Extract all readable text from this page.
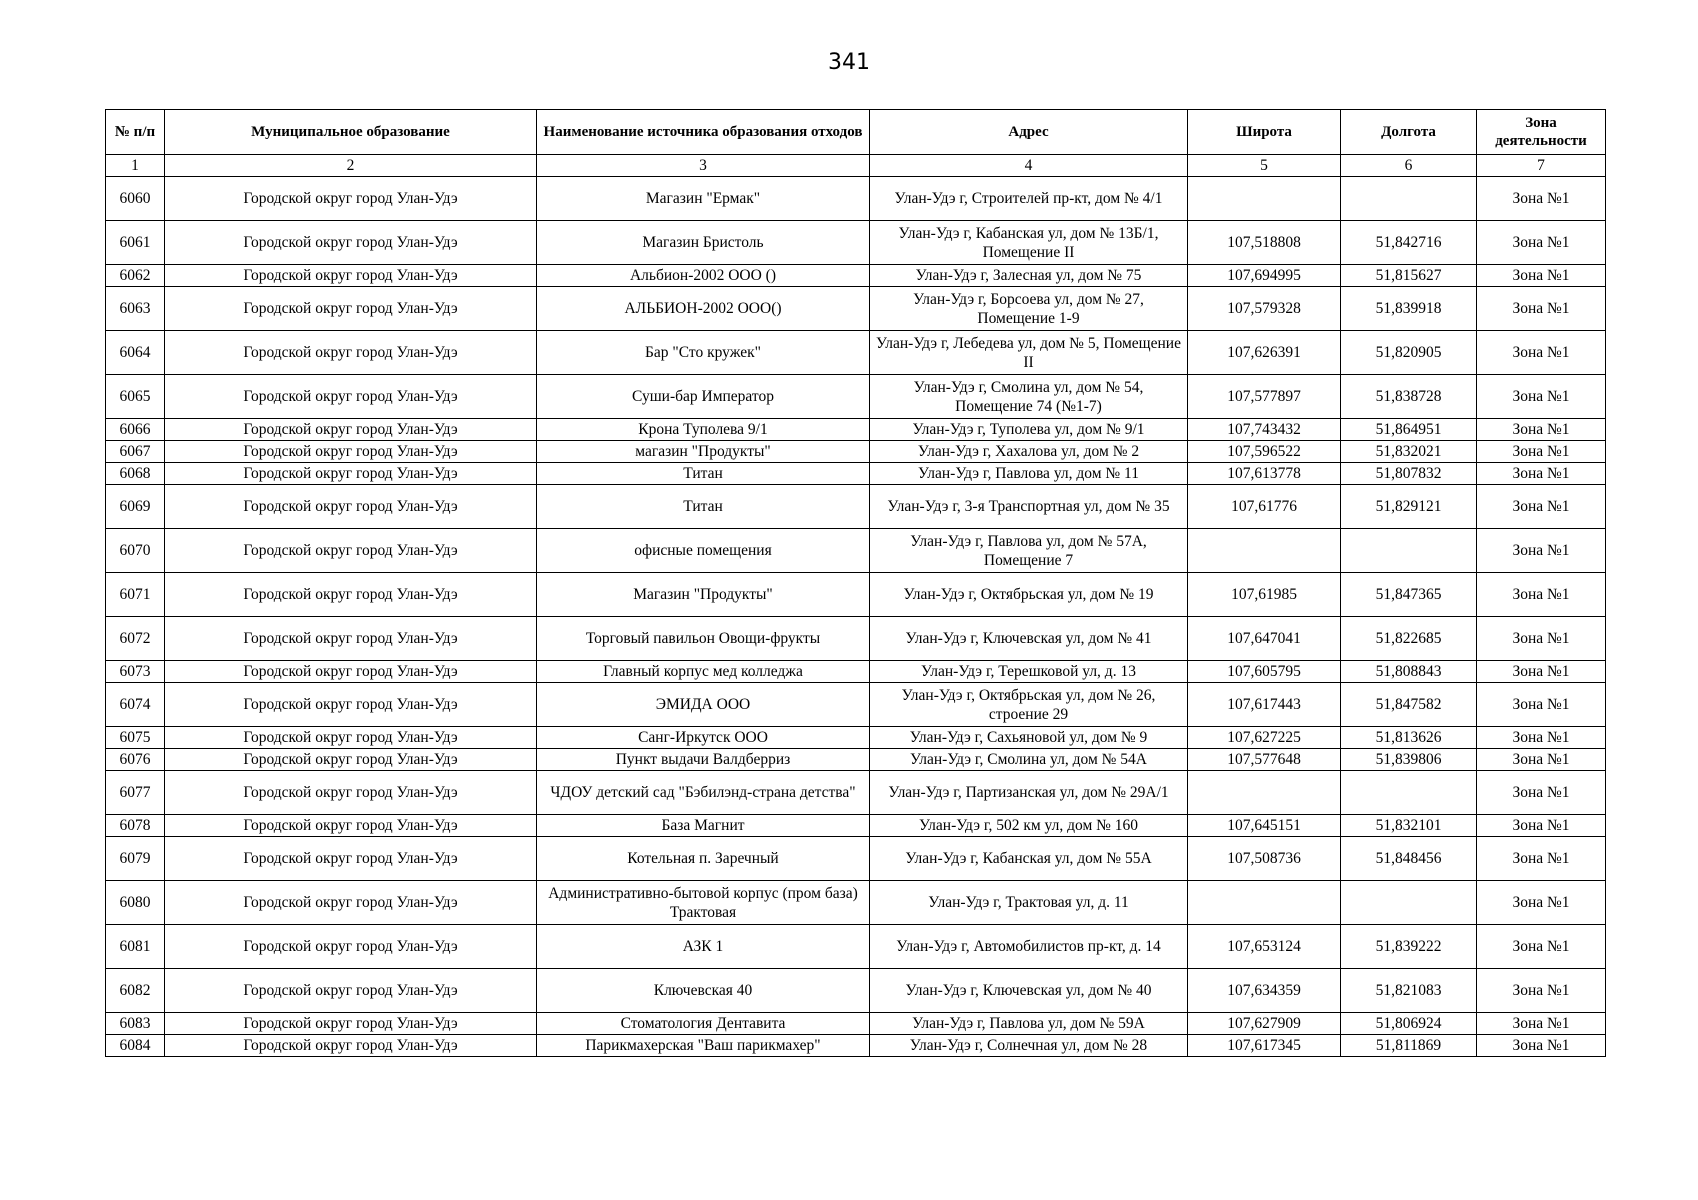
341
№ п/п	Муниципальное образование	Наименование источника образования отходов	Адрес	Широта	Долгота	Зона деятельности
1	2	3	4	5	6	7
6060	Городской округ город Улан-Удэ	Магазин "Ермак"	Улан-Удэ г, Строителей пр-кт, дом № 4/1			Зона №1
6061	Городской округ город Улан-Удэ	Магазин Бристоль	Улан-Удэ г, Кабанская ул, дом № 13Б/1, Помещение II	107,518808	51,842716	Зона №1
6062	Городской округ город Улан-Удэ	Альбион-2002 ООО ()	Улан-Удэ г, Залесная ул, дом № 75	107,694995	51,815627	Зона №1
6063	Городской округ город Улан-Удэ	АЛЬБИОН-2002 ООО()	Улан-Удэ г, Борсоева ул, дом № 27, Помещение 1-9	107,579328	51,839918	Зона №1
6064	Городской округ город Улан-Удэ	Бар "Сто кружек"	Улан-Удэ г, Лебедева ул, дом № 5, Помещение II	107,626391	51,820905	Зона №1
6065	Городской округ город Улан-Удэ	Суши-бар Император	Улан-Удэ г, Смолина ул, дом № 54, Помещение 74 (№1-7)	107,577897	51,838728	Зона №1
6066	Городской округ город Улан-Удэ	Крона Туполева 9/1	Улан-Удэ г, Туполева ул, дом № 9/1	107,743432	51,864951	Зона №1
6067	Городской округ город Улан-Удэ	магазин "Продукты"	Улан-Удэ г, Хахалова ул, дом № 2	107,596522	51,832021	Зона №1
6068	Городской округ город Улан-Удэ	Титан	Улан-Удэ г, Павлова ул, дом № 11	107,613778	51,807832	Зона №1
6069	Городской округ город Улан-Удэ	Титан	Улан-Удэ г, 3-я Транспортная ул, дом № 35	107,61776	51,829121	Зона №1
6070	Городской округ город Улан-Удэ	офисные помещения	Улан-Удэ г, Павлова ул, дом № 57А, Помещение 7			Зона №1
6071	Городской округ город Улан-Удэ	Магазин "Продукты"	Улан-Удэ г, Октябрьская ул, дом № 19	107,61985	51,847365	Зона №1
6072	Городской округ город Улан-Удэ	Торговый павильон Овощи-фрукты	Улан-Удэ г, Ключевская ул, дом № 41	107,647041	51,822685	Зона №1
6073	Городской округ город Улан-Удэ	Главный корпус мед колледжа	Улан-Удэ г, Терешковой ул, д. 13	107,605795	51,808843	Зона №1
6074	Городской округ город Улан-Удэ	ЭМИДА ООО	Улан-Удэ г, Октябрьская ул, дом № 26, строение 29	107,617443	51,847582	Зона №1
6075	Городской округ город Улан-Удэ	Санг-Иркутск ООО	Улан-Удэ г, Сахьяновой ул, дом № 9	107,627225	51,813626	Зона №1
6076	Городской округ город Улан-Удэ	Пункт выдачи Валдберриз	Улан-Удэ г, Смолина ул, дом № 54А	107,577648	51,839806	Зона №1
6077	Городской округ город Улан-Удэ	ЧДОУ детский сад "Бэбилэнд-страна детства"	Улан-Удэ г, Партизанская ул, дом № 29А/1			Зона №1
6078	Городской округ город Улан-Удэ	База Магнит	Улан-Удэ г, 502 км ул, дом № 160	107,645151	51,832101	Зона №1
6079	Городской округ город Улан-Удэ	Котельная п. Заречный	Улан-Удэ г, Кабанская ул, дом № 55А	107,508736	51,848456	Зона №1
6080	Городской округ город Улан-Удэ	Административно-бытовой корпус (пром база) Трактовая	Улан-Удэ г, Трактовая ул, д. 11			Зона №1
6081	Городской округ город Улан-Удэ	АЗК 1	Улан-Удэ г, Автомобилистов пр-кт, д. 14	107,653124	51,839222	Зона №1
6082	Городской округ город Улан-Удэ	Ключевская 40	Улан-Удэ г, Ключевская ул, дом № 40	107,634359	51,821083	Зона №1
6083	Городской округ город Улан-Удэ	Стоматология Дентавита	Улан-Удэ г, Павлова ул, дом № 59А	107,627909	51,806924	Зона №1
6084	Городской округ город Улан-Удэ	Парикмахерская "Ваш парикмахер"	Улан-Удэ г, Солнечная ул, дом № 28	107,617345	51,811869	Зона №1
